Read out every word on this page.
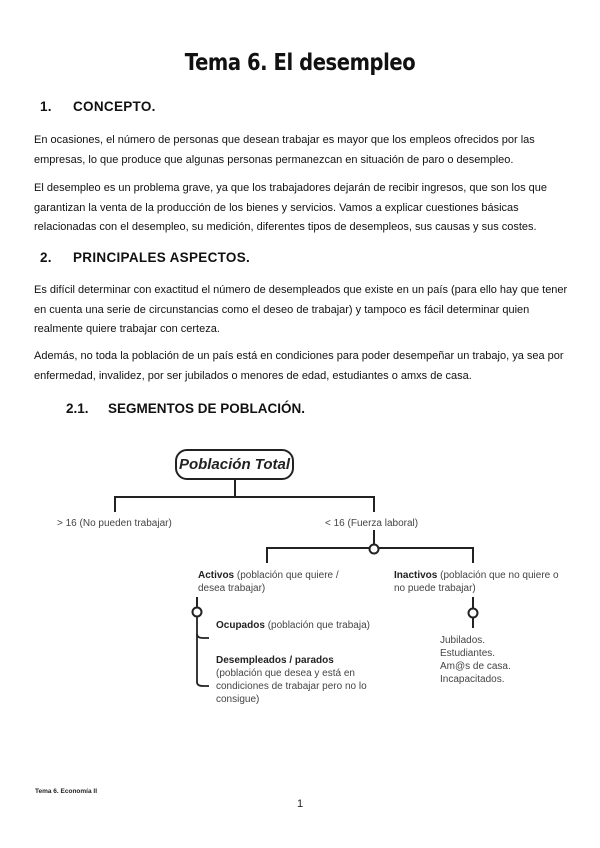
Tema 6. El desempleo
1. CONCEPTO.
En ocasiones, el número de personas que desean trabajar es mayor que los empleos ofrecidos por las empresas, lo que produce que algunas personas permanezcan en situación de paro o desempleo.
El desempleo es un problema grave, ya que los trabajadores dejarán de recibir ingresos, que son los que garantizan la venta de la producción de los bienes y servicios. Vamos a explicar cuestiones básicas relacionadas con el desempleo, su medición, diferentes tipos de desempleos, sus causas y sus costes.
2. PRINCIPALES ASPECTOS.
Es difícil determinar con exactitud el número de desempleados que existe en un país (para ello hay que tener en cuenta una serie de circunstancias como el deseo de trabajar) y tampoco es fácil determinar quien realmente quiere trabajar con certeza.
Además, no toda la población de un país está en condiciones para poder desempeñar un trabajo, ya sea por enfermedad, invalidez, por ser jubilados o menores de edad, estudiantes o amxs de casa.
2.1. SEGMENTOS DE POBLACIÓN.
Población Total
> 16 (No pueden trabajar)	< 16 (Fuerza laboral)
Activos (población que quiere / desea trabajar)
Inactivos (población que no quiere o no puede trabajar)
Ocupados (población que trabaja)
Desempleados / parados
(población que desea y está en condiciones de trabajar pero no lo consigue)
Jubilados.
Estudiantes.
Am@s de casa.
Incapacitados.
Tema 6. Economía II
1
